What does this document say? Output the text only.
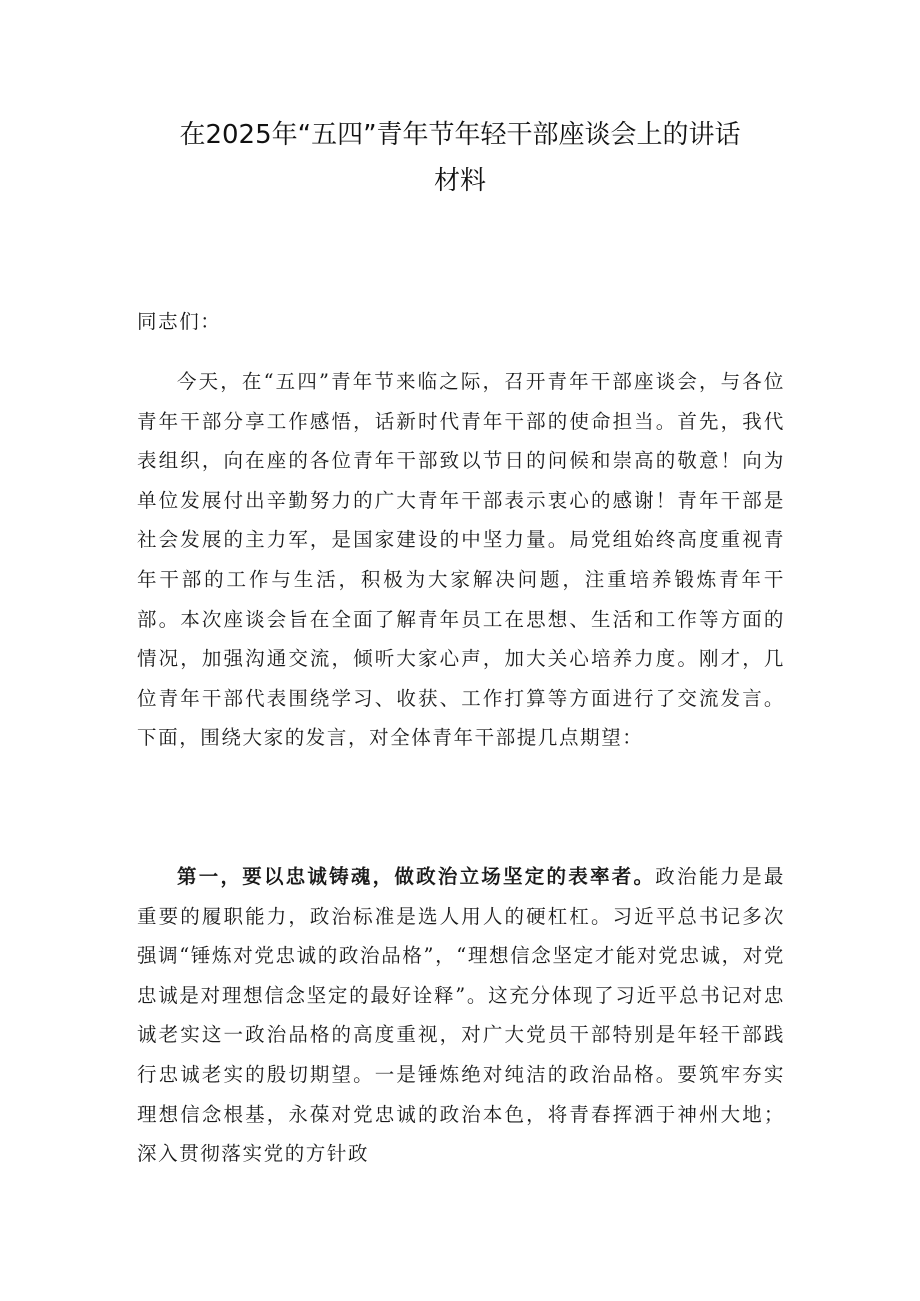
在2025年“五四”青年节年轻干部座谈会上的讲话
材料
同志们：
今天，在“五四”青年节来临之际，召开青年干部座谈会，与各位青年干部分享工作感悟，话新时代青年干部的使命担当。首先，我代表组织，向在座的各位青年干部致以节日的问候和崇高的敬意！向为单位发展付出辛勤努力的广大青年干部表示衷心的感谢！青年干部是社会发展的主力军，是国家建设的中坚力量。局党组始终高度重视青年干部的工作与生活，积极为大家解决问题，注重培养锻炼青年干部。本次座谈会旨在全面了解青年员工在思想、生活和工作等方面的情况，加强沟通交流，倾听大家心声，加大关心培养力度。刚才，几位青年干部代表围绕学习、收获、工作打算等方面进行了交流发言。下面，围绕大家的发言，对全体青年干部提几点期望：
第一，要以忠诚铸魂，做政治立场坚定的表率者。政治能力是最重要的履职能力，政治标准是选人用人的硬杠杠。习近平总书记多次强调“锤炼对党忠诚的政治品格”，“理想信念坚定才能对党忠诚，对党忠诚是对理想信念坚定的最好诠释”。这充分体现了习近平总书记对忠诚老实这一政治品格的高度重视，对广大党员干部特别是年轻干部践行忠诚老实的殷切期望。一是锤炼绝对纯洁的政治品格。要筑牢夯实理想信念根基，永葆对党忠诚的政治本色，将青春挥洒于神州大地；深入贯彻落实党的方针政
